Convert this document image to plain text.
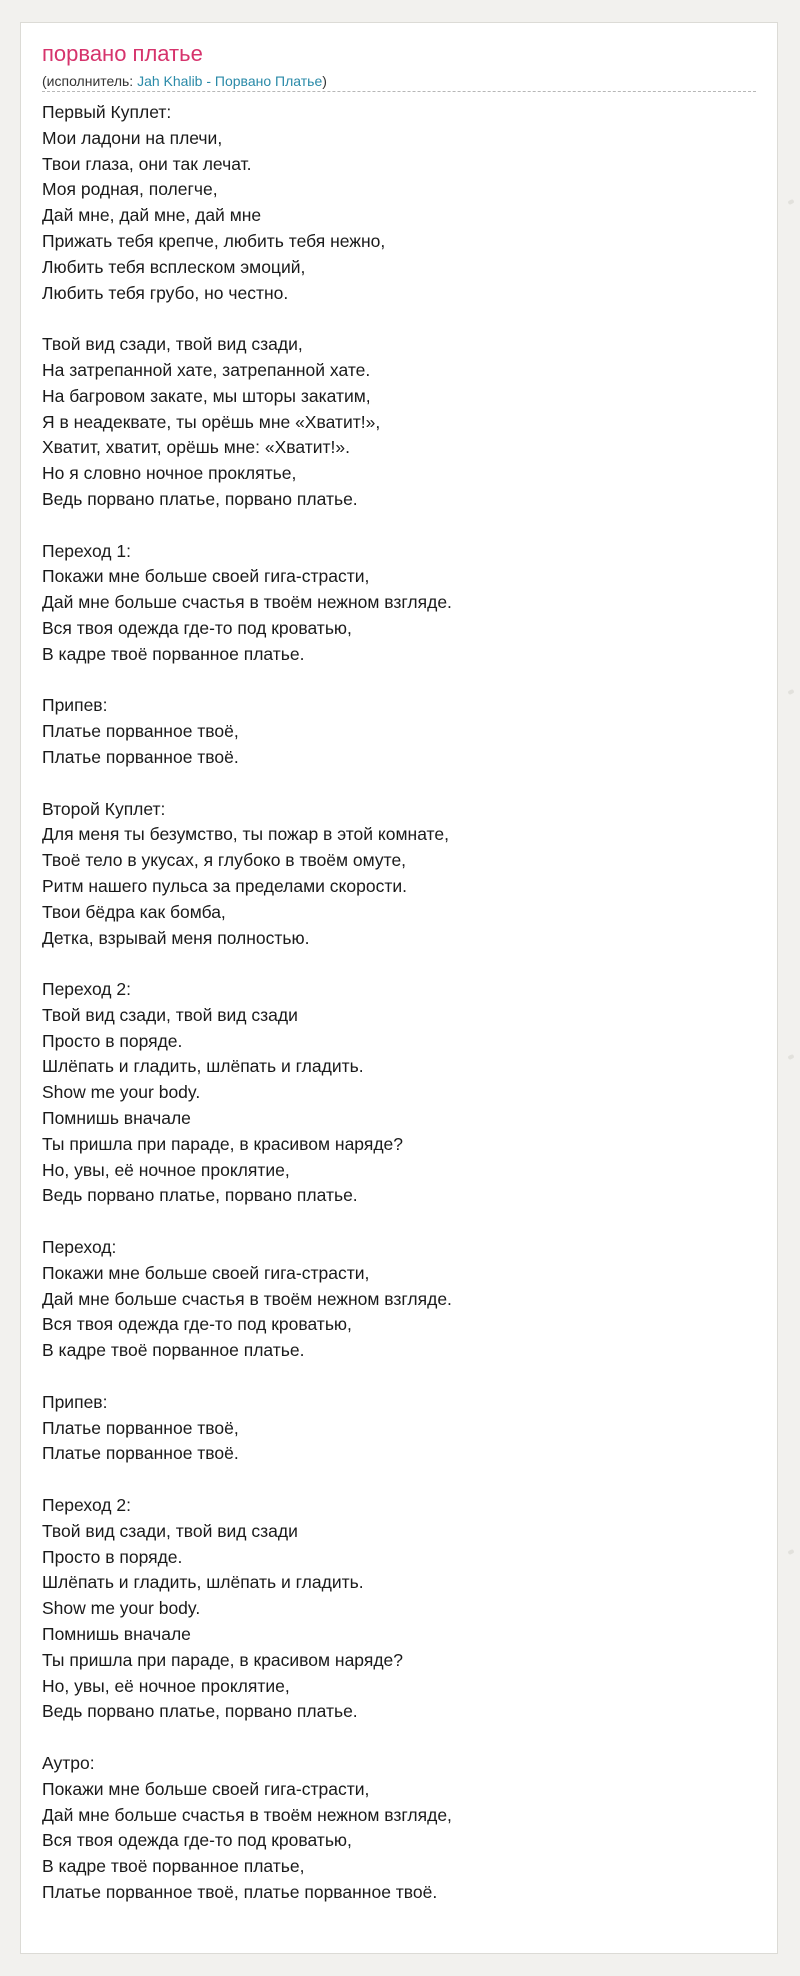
порвано платье
(исполнитель: Jah Khalib - Порвано Платье)
Первый Куплет:
Мои ладони на плечи,
Твои глаза, они так лечат.
Моя родная, полегче,
Дай мне, дай мне, дай мне
Прижать тебя крепче, любить тебя нежно,
Любить тебя всплеском эмоций,
Любить тебя грубо, но честно.
Твой вид сзади, твой вид сзади,
На затрепанной хате, затрепанной хате.
На багровом закате, мы шторы закатим,
Я в неадеквате, ты орёшь мне «Хватит!»,
Хватит, хватит, орёшь мне: «Хватит!».
Но я словно ночное проклятье,
Ведь порвано платье, порвано платье.
Переход 1:
Покажи мне больше своей гига-страсти,
Дай мне больше счастья в твоём нежном взгляде.
Вся твоя одежда где-то под кроватью,
В кадре твоё порванное платье.
Припев:
Платье порванное твоё,
Платье порванное твоё.
Второй Куплет:
Для меня ты безумство, ты пожар в этой комнате,
Твоё тело в укусах, я глубоко в твоём омуте,
Ритм нашего пульса за пределами скорости.
Твои бёдра как бомба,
Детка, взрывай меня полностью.
Переход 2:
Твой вид сзади, твой вид сзади
Просто в поряде.
Шлёпать и гладить, шлёпать и гладить.
Show me your body.
Помнишь вначале
Ты пришла при параде, в красивом наряде?
Но, увы, её ночное проклятие,
Ведь порвано платье, порвано платье.
Переход:
Покажи мне больше своей гига-страсти,
Дай мне больше счастья в твоём нежном взгляде.
Вся твоя одежда где-то под кроватью,
В кадре твоё порванное платье.
Припев:
Платье порванное твоё,
Платье порванное твоё.
Переход 2:
Твой вид сзади, твой вид сзади
Просто в поряде.
Шлёпать и гладить, шлёпать и гладить.
Show me your body.
Помнишь вначале
Ты пришла при параде, в красивом наряде?
Но, увы, её ночное проклятие,
Ведь порвано платье, порвано платье.
Аутро:
Покажи мне больше своей гига-страсти,
Дай мне больше счастья в твоём нежном взгляде,
Вся твоя одежда где-то под кроватью,
В кадре твоё порванное платье,
Платье порванное твоё, платье порванное твоё.
